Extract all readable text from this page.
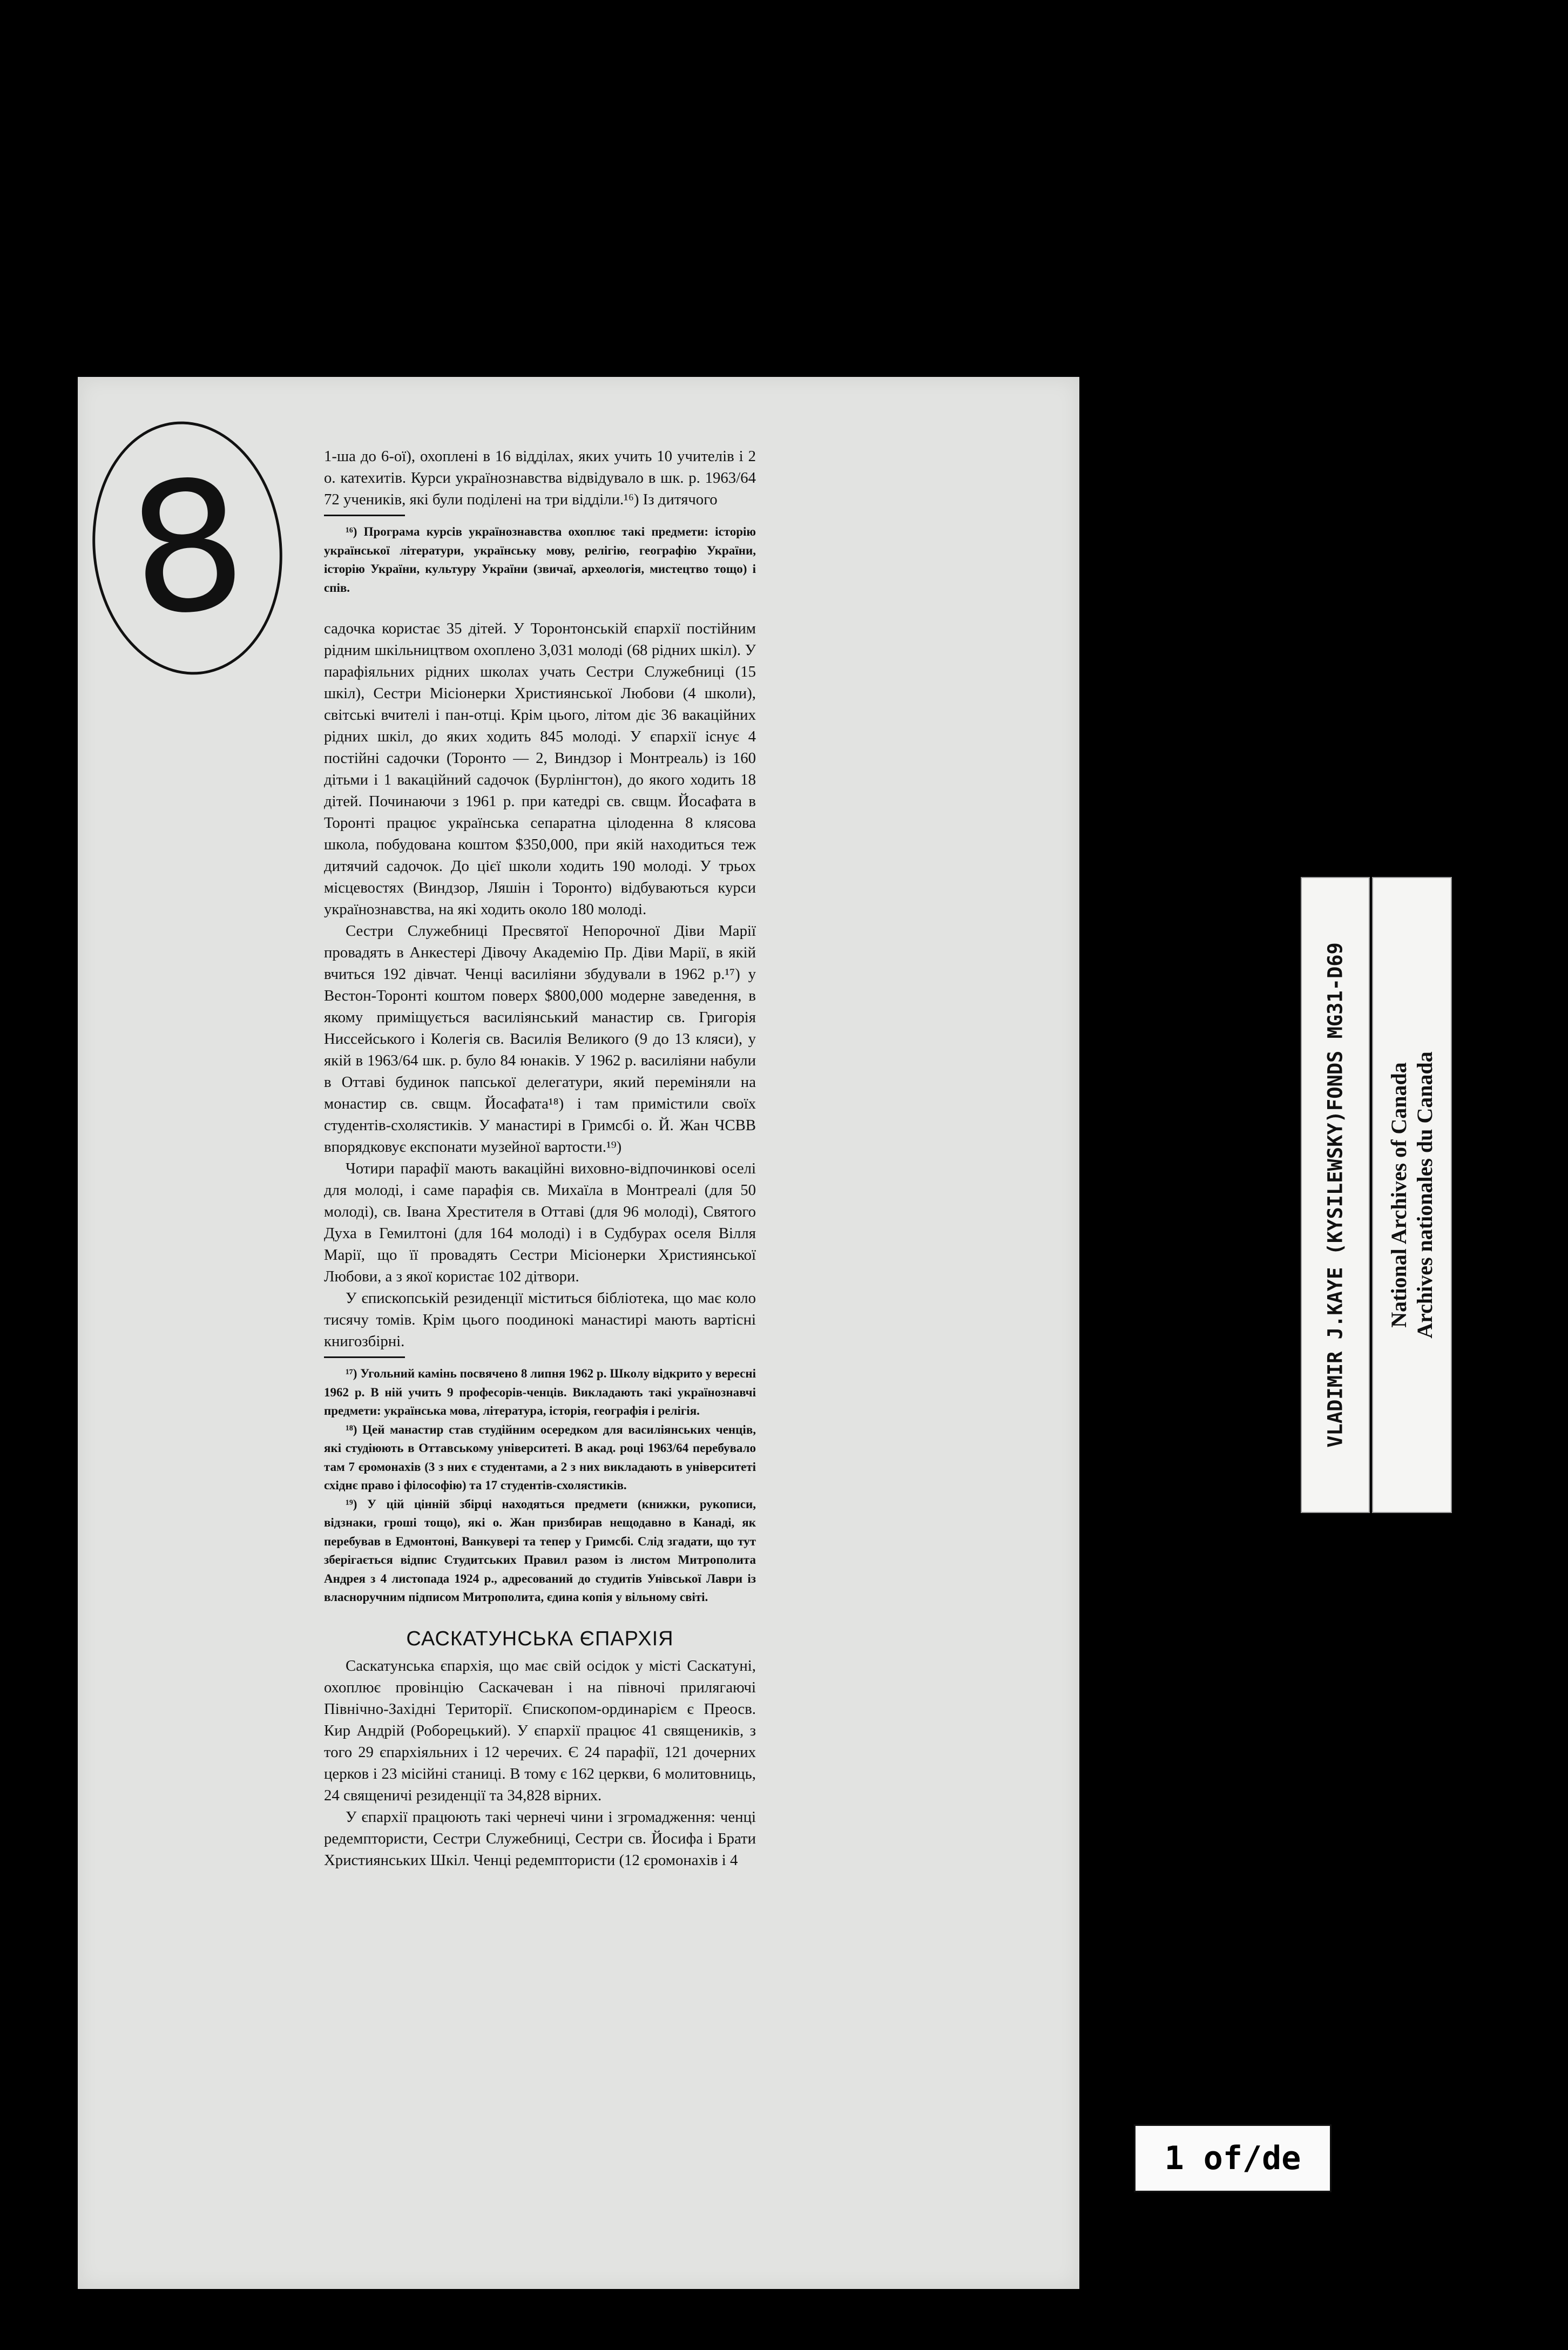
8	1-ша до 6-ої), охоплені в 16 відділах, яких учить 10 учителів і 2 о. катехитів. Курси українознавства відвідувало в шк. р. 1963/64 72 учеників, які були поділені на три відділи.¹⁶) Із дитячого

¹⁶) Програма курсів українознавства охоплює такі предмети: історію української літератури, українську мову, релігію, географію України, історію України, культуру України (звичаї, археологія, мистецтво тощо) і спів.

садочка користає 35 дітей. У Торонтонській єпархії постійним рідним шкільництвом охоплено 3,031 молоді (68 рідних шкіл). У парафіяльних рідних школах учать Сестри Служебниці (15 шкіл), Сестри Місіонерки Християнської Любови (4 школи), світські вчителі і пан-отці. Крім цього, літом діє 36 вакаційних рідних шкіл, до яких ходить 845 молоді. У єпархії існує 4 постійні садочки (Торонто — 2, Виндзор і Монтреаль) із 160 дітьми і 1 вакаційний садочок (Бурлінгтон), до якого ходить 18 дітей. Починаючи з 1961 р. при катедрі св. свщм. Йосафата в Торонті працює українська сепаратна цілоденна 8 клясова школа, побудована коштом $350,000, при якій находиться теж дитячий садочок. До цієї школи ходить 190 молоді. У трьох місцевостях (Виндзор, Ляшін і Торонто) відбуваються курси українознавства, на які ходить около 180 молоді.

Сестри Служебниці Пресвятої Непорочної Діви Марії провадять в Анкестері Дівочу Академію Пр. Діви Марії, в якій вчиться 192 дівчат. Ченці василіяни збудували в 1962 р.¹⁷) у Вестон-Торонті коштом поверх $800,000 модерне заведення, в якому приміщується василіянський манастир св. Григорія Ниссейського і Колегія св. Василія Великого (9 до 13 кляси), у якій в 1963/64 шк. р. було 84 юнаків. У 1962 р. василіяни набули в Оттаві будинок папської делегатури, який переміняли на монастир св. свщм. Йосафата¹⁸) і там примістили своїх студентів-схолястиків. У манастирі в Гримсбі о. Й. Жан ЧСВВ впорядковує експонати музейної вартости.¹⁹)

Чотири парафії мають вакаційні виховно-відпочинкові оселі для молоді, і саме парафія св. Михаїла в Монтреалі (для 50 молоді), св. Івана Хрестителя в Оттаві (для 96 молоді), Святого Духа в Гемилтоні (для 164 молоді) і в Судбурах оселя Вілля Марії, що її провадять Сестри Місіонерки Християнської Любови, а з якої користає 102 дітвори.

У єпископській резиденції міститься бібліотека, що має коло тисячу томів. Крім цього поодинокі манастирі мають вартісні книгозбірні.

¹⁷) Угольний камінь посвячено 8 липня 1962 р. Школу відкрито у вересні 1962 р. В ній учить 9 професорів-ченців. Викладають такі українознавчі предмети: українська мова, література, історія, географія і релігія.

¹⁸) Цей манастир став студійним осередком для василіянських ченців, які студіюють в Оттавському університеті. В акад. році 1963/64 перебувало там 7 єромонахів (3 з них є студентами, а 2 з них викладають в університеті східнє право і філософію) та 17 студентів-схолястиків.

¹⁹) У цій цінній збірці находяться предмети (книжки, рукописи, відзнаки, гроші тощо), які о. Жан призбирав нещодавно в Канаді, як перебував в Едмонтоні, Ванкувері та тепер у Гримсбі. Слід згадати, що тут зберігається відпис Студитських Правил разом із листом Митрополита Андрея з 4 листопада 1924 р., адресований до студитів Унівської Лаври із власноручним підписом Митрополита, єдина копія у вільному світі.

САСКАТУНСЬКА ЄПАРХІЯ

Саскатунська єпархія, що має свій осідок у місті Саскатуні, охоплює провінцію Саскачеван і на півночі прилягаючі Північно-Західні Території. Єпископом-ординарієм є Преосв. Кир Андрій (Роборецький). У єпархії працює 41 священиків, з того 29 єпархіяльних і 12 черечих. Є 24 парафії, 121 дочерних церков і 23 місійні станиці. В тому є 162 церкви, 6 молитовниць, 24 священичі резиденції та 34,828 вірних.

У єпархії працюють такі чернечі чини і згромадження: ченці редемптористи, Сестри Служебниці, Сестри св. Йосифа і Брати Християнських Шкіл. Ченці редемптористи (12 єромонахів і 4

VLADIMIR J.KAYE (KYSILEWSKY)FONDS MG31-D69 National Archives of Canada Archives nationales du Canada
1 of/de
